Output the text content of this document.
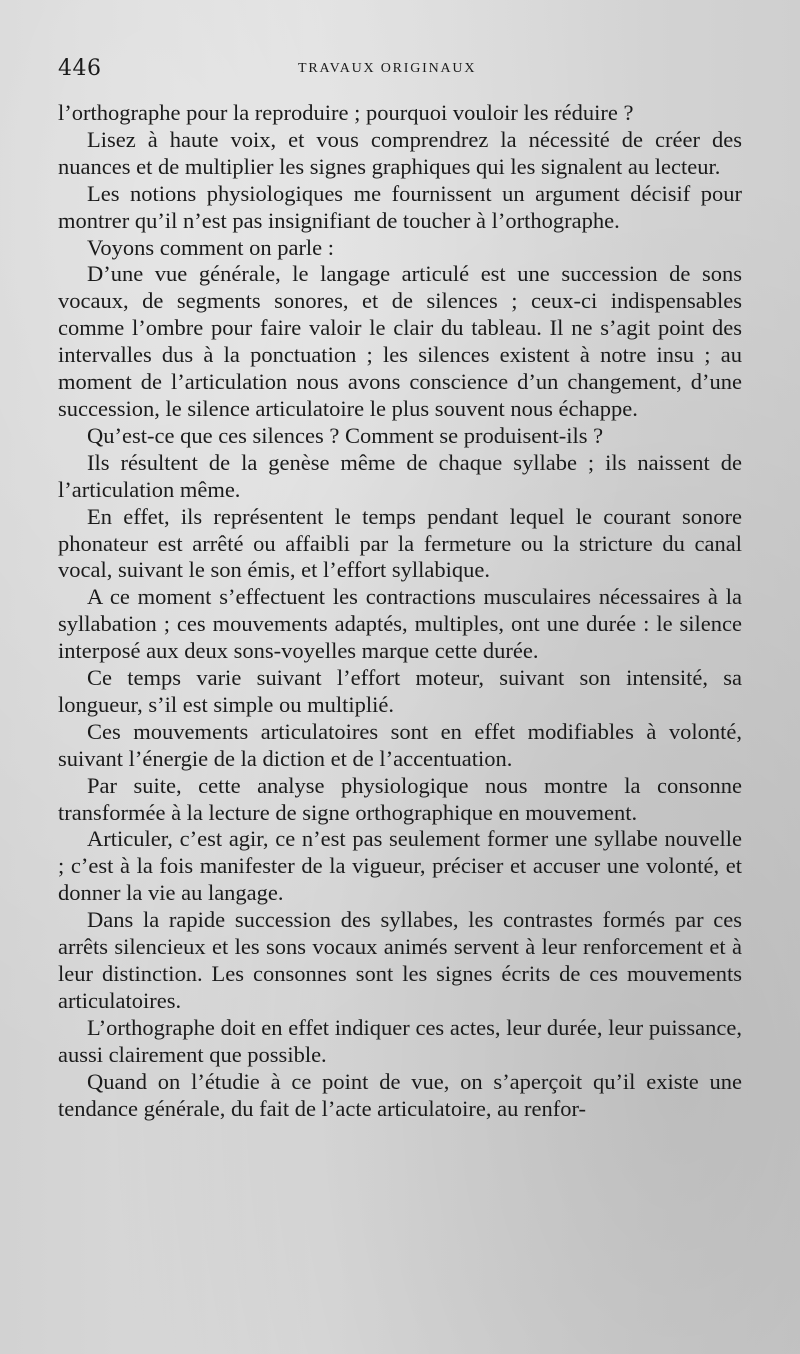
446	TRAVAUX ORIGINAUX

l’orthographe pour la reproduire ; pourquoi vouloir les réduire ?

Lisez à haute voix, et vous comprendrez la nécessité de créer des nuances et de multiplier les signes graphiques qui les signalent au lecteur.

Les notions physiologiques me fournissent un argument décisif pour montrer qu’il n’est pas insignifiant de toucher à l’orthographe.

Voyons comment on parle :

D’une vue générale, le langage articulé est une succession de sons vocaux, de segments sonores, et de silences ; ceux-ci indispensables comme l’ombre pour faire valoir le clair du tableau. Il ne s’agit point des intervalles dus à la ponctuation ; les silences existent à notre insu ; au moment de l’articulation nous avons conscience d’un changement, d’une succession, le silence articulatoire le plus souvent nous échappe.

Qu’est-ce que ces silences ? Comment se produisent-ils ?

Ils résultent de la genèse même de chaque syllabe ; ils naissent de l’articulation même.

En effet, ils représentent le temps pendant lequel le courant sonore phonateur est arrêté ou affaibli par la fermeture ou la stricture du canal vocal, suivant le son émis, et l’effort syllabique.

A ce moment s’effectuent les contractions musculaires nécessaires à la syllabation ; ces mouvements adaptés, multiples, ont une durée : le silence interposé aux deux sons-voyelles marque cette durée.

Ce temps varie suivant l’effort moteur, suivant son intensité, sa longueur, s’il est simple ou multiplié.

Ces mouvements articulatoires sont en effet modifiables à volonté, suivant l’énergie de la diction et de l’accentuation.

Par suite, cette analyse physiologique nous montre la consonne transformée à la lecture de signe orthographique en mouvement.

Articuler, c’est agir, ce n’est pas seulement former une syllabe nouvelle ; c’est à la fois manifester de la vigueur, préciser et accuser une volonté, et donner la vie au langage.

Dans la rapide succession des syllabes, les contrastes formés par ces arrêts silencieux et les sons vocaux animés servent à leur renforcement et à leur distinction. Les consonnes sont les signes écrits de ces mouvements articulatoires.

L’orthographe doit en effet indiquer ces actes, leur durée, leur puissance, aussi clairement que possible.

Quand on l’étudie à ce point de vue, on s’aperçoit qu’il existe une tendance générale, du fait de l’acte articulatoire, au renfor-
